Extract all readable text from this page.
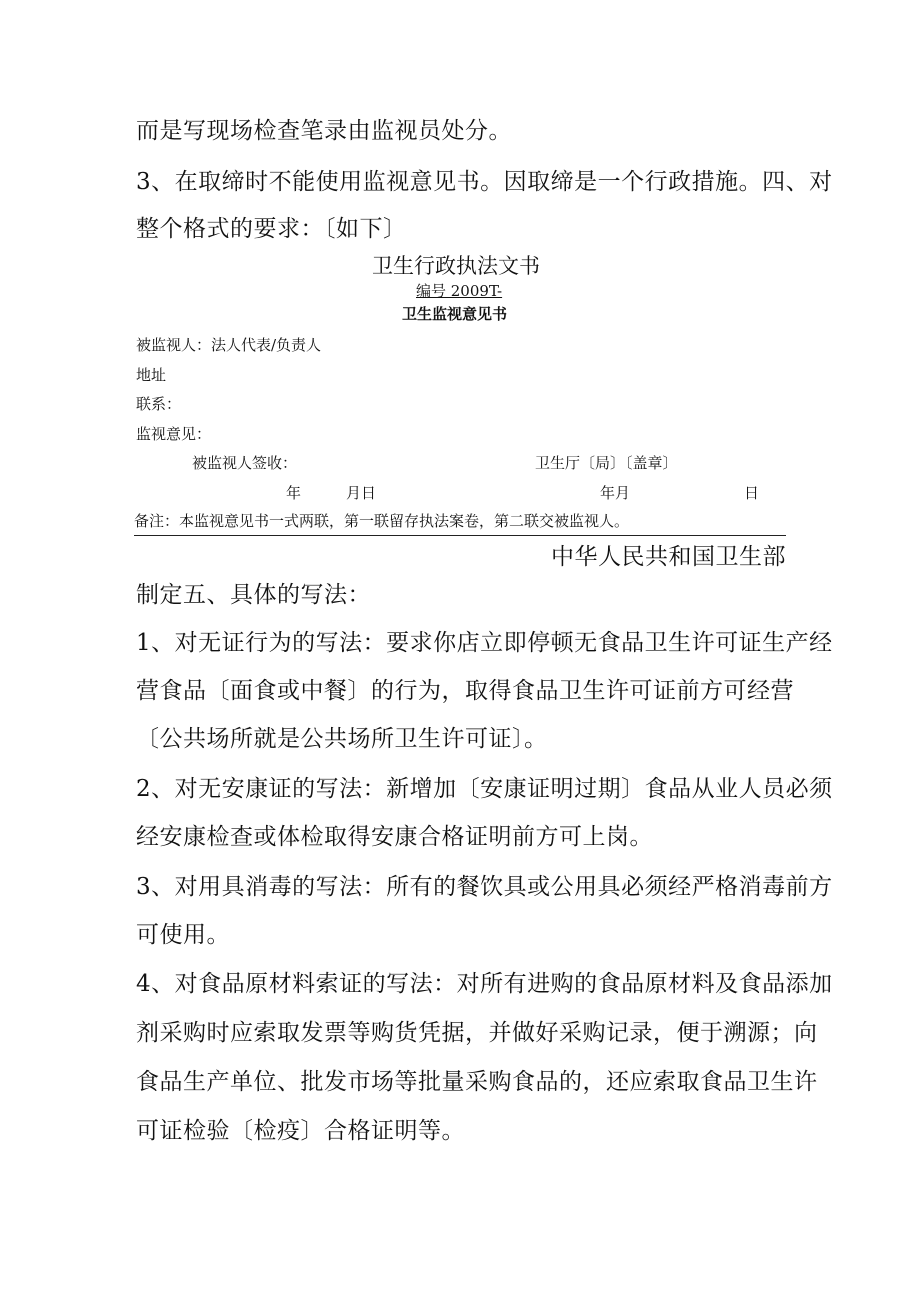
而是写现场检查笔录由监视员处分。
3、在取缔时不能使用监视意见书。因取缔是一个行政措施。四、对
整个格式的要求：〔如下〕
卫生行政执法文书
编号 2009T-
卫生监视意见书
被监视人：法人代表/负责人
地址
联系：
监视意见：
被监视人签收：	卫生厅〔局〕〔盖章〕
年	月日	年月	日
备注：本监视意见书一式两联，第一联留存执法案卷，第二联交被监视人。
中华人民共和国卫生部
制定五、具体的写法：
1、对无证行为的写法：要求你店立即停顿无食品卫生许可证生产经
营食品〔面食或中餐〕的行为，取得食品卫生许可证前方可经营
〔公共场所就是公共场所卫生许可证〕。
2、对无安康证的写法：新增加〔安康证明过期〕食品从业人员必须
经安康检查或体检取得安康合格证明前方可上岗。
3、对用具消毒的写法：所有的餐饮具或公用具必须经严格消毒前方
可使用。
4、对食品原材料索证的写法：对所有进购的食品原材料及食品添加
剂采购时应索取发票等购货凭据，并做好采购记录，便于溯源；向
食品生产单位、批发市场等批量采购食品的，还应索取食品卫生许
可证检验〔检疫〕合格证明等。
